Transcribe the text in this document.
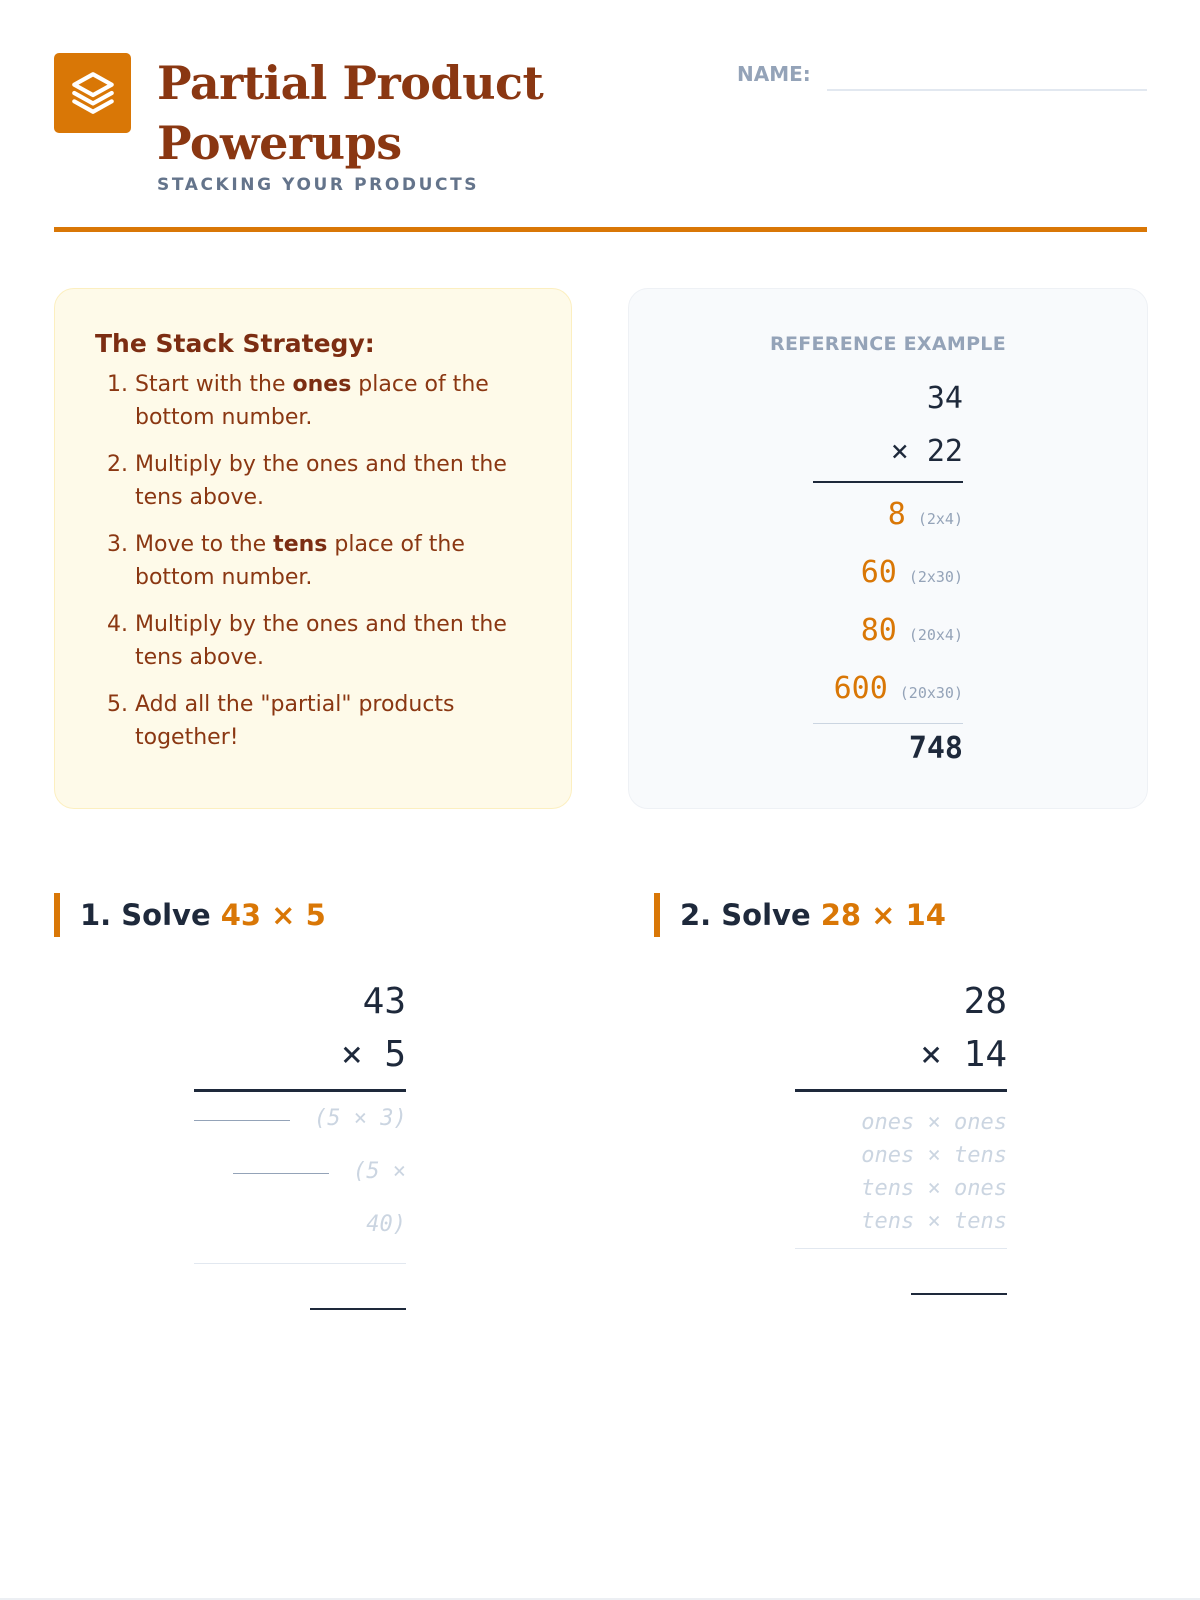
Partial Product
Powerups
STACKING YOUR PRODUCTS
NAME:
The Stack Strategy:
1. Start with the ones place of the bottom number.
2. Multiply by the ones and then the tens above.
3. Move to the tens place of the bottom number.
4. Multiply by the ones and then the tens above.
5. Add all the "partial" products together!
REFERENCE EXAMPLE
34
× 22
8 (2x4)
60 (2x30)
80 (20x4)
600 (20x30)
748
1. Solve 43 × 5
43
× 5
(5 × 3)
(5 ×
40)
2. Solve 28 × 14
28
× 14
ones × ones
ones × tens
tens × ones
tens × tens
